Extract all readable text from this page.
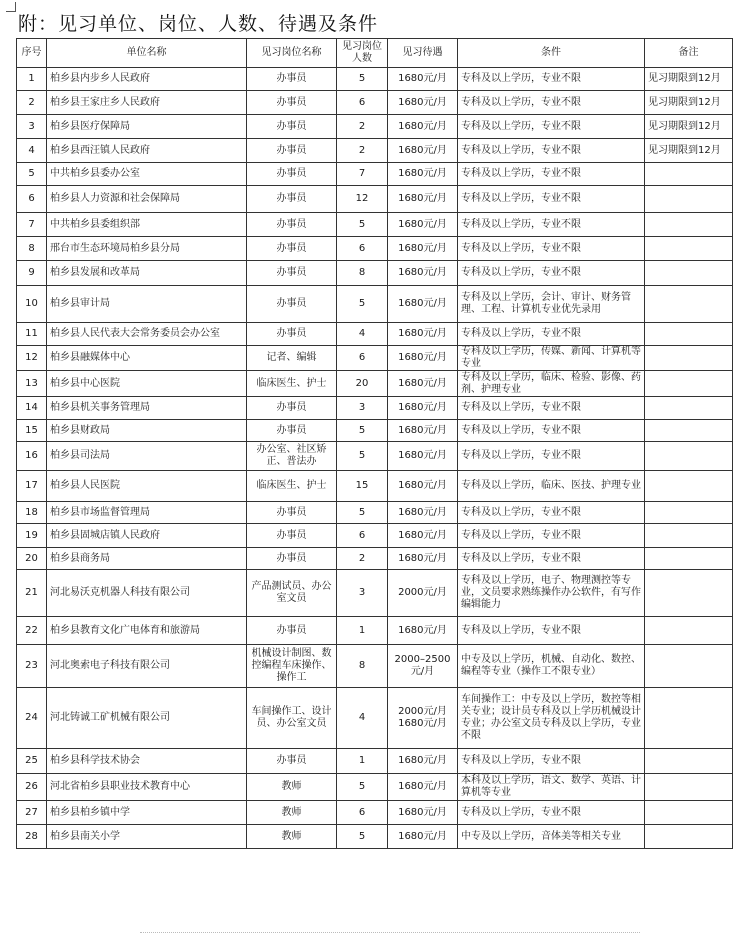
附：见习单位、岗位、人数、待遇及条件
序号	单位名称	见习岗位名称	见习岗位人数	见习待遇	条件	备注
1	柏乡县内步乡人民政府	办事员	5	1680元/月	专科及以上学历，专业不限	见习期限到12月
2	柏乡县王家庄乡人民政府	办事员	6	1680元/月	专科及以上学历，专业不限	见习期限到12月
3	柏乡县医疗保障局	办事员	2	1680元/月	专科及以上学历，专业不限	见习期限到12月
4	柏乡县西汪镇人民政府	办事员	2	1680元/月	专科及以上学历，专业不限	见习期限到12月
5	中共柏乡县委办公室	办事员	7	1680元/月	专科及以上学历，专业不限	
6	柏乡县人力资源和社会保障局	办事员	12	1680元/月	专科及以上学历，专业不限	
7	中共柏乡县委组织部	办事员	5	1680元/月	专科及以上学历，专业不限	
8	邢台市生态环境局柏乡县分局	办事员	6	1680元/月	专科及以上学历，专业不限	
9	柏乡县发展和改革局	办事员	8	1680元/月	专科及以上学历，专业不限	
10	柏乡县审计局	办事员	5	1680元/月	专科及以上学历，会计、审计、财务管理、工程、计算机专业优先录用	
11	柏乡县人民代表大会常务委员会办公室	办事员	4	1680元/月	专科及以上学历，专业不限	
12	柏乡县融媒体中心	记者、编辑	6	1680元/月	专科及以上学历，传媒、新闻、计算机等专业	
13	柏乡县中心医院	临床医生、护士	20	1680元/月	专科及以上学历，临床、检验、影像、药剂、护理专业	
14	柏乡县机关事务管理局	办事员	3	1680元/月	专科及以上学历，专业不限	
15	柏乡县财政局	办事员	5	1680元/月	专科及以上学历，专业不限	
16	柏乡县司法局	办公室、社区矫正、普法办	5	1680元/月	专科及以上学历，专业不限	
17	柏乡县人民医院	临床医生、护士	15	1680元/月	专科及以上学历，临床、医技、护理专业	
18	柏乡县市场监督管理局	办事员	5	1680元/月	专科及以上学历，专业不限	
19	柏乡县固城店镇人民政府	办事员	6	1680元/月	专科及以上学历，专业不限	
20	柏乡县商务局	办事员	2	1680元/月	专科及以上学历，专业不限	
21	河北易沃克机器人科技有限公司	产品测试员、办公室文员	3	2000元/月	专科及以上学历，电子、物理测控等专业，文员要求熟练操作办公软件，有写作编辑能力	
22	柏乡县教育文化广电体育和旅游局	办事员	1	1680元/月	专科及以上学历，专业不限	
23	河北奥索电子科技有限公司	机械设计制图、数控编程车床操作、操作工	8	2000–2500元/月	中专及以上学历，机械、自动化、数控、编程等专业（操作工不限专业）	
24	河北铸诚工矿机械有限公司	车间操作工、设计员、办公室文员	4	2000元/月 1680元/月	车间操作工：中专及以上学历，数控等相关专业；设计员专科及以上学历机械设计专业；办公室文员专科及以上学历，专业不限	
25	柏乡县科学技术协会	办事员	1	1680元/月	专科及以上学历，专业不限	
26	河北省柏乡县职业技术教育中心	教师	5	1680元/月	本科及以上学历，语文、数学、英语、计算机等专业	
27	柏乡县柏乡镇中学	教师	6	1680元/月	专科及以上学历，专业不限	
28	柏乡县南关小学	教师	5	1680元/月	中专及以上学历，音体美等相关专业	
